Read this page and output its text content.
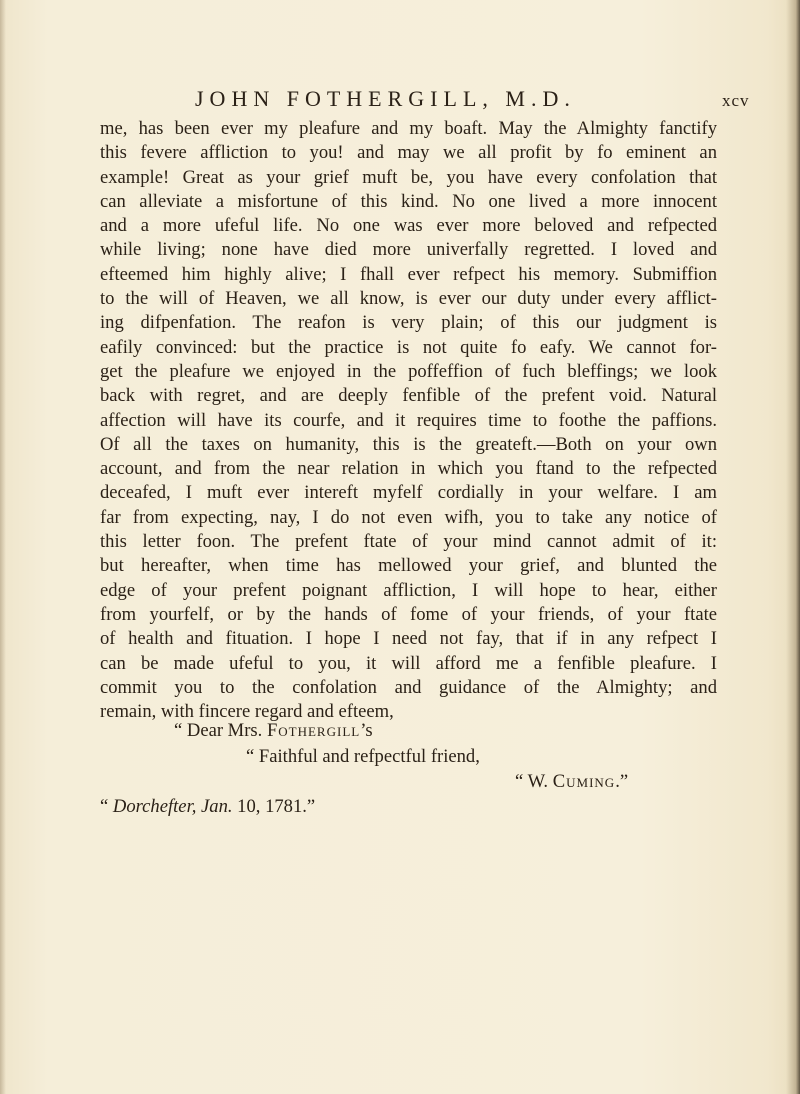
JOHN FOTHERGILL, M.D.	xcv
me, has been ever my pleafure and my boaft. May the Almighty fanctify
this fevere affliction to you! and may we all profit by fo eminent an
example! Great as your grief muft be, you have every confolation that
can alleviate a misfortune of this kind. No one lived a more innocent
and a more ufeful life. No one was ever more beloved and refpected
while living; none have died more univerfally regretted. I loved and
efteemed him highly alive; I fhall ever refpect his memory. Submiffion
to the will of Heaven, we all know, is ever our duty under every afflict-
ing difpenfation. The reafon is very plain; of this our judgment is
eafily convinced: but the practice is not quite fo eafy. We cannot for-
get the pleafure we enjoyed in the poffeffion of fuch bleffings; we look
back with regret, and are deeply fenfible of the prefent void. Natural
affection will have its courfe, and it requires time to foothe the paffions.
Of all the taxes on humanity, this is the greateft.—Both on your own
account, and from the near relation in which you ftand to the refpected
deceafed, I muft ever intereft myfelf cordially in your welfare. I am
far from expecting, nay, I do not even wifh, you to take any notice of
this letter foon. The prefent ftate of your mind cannot admit of it:
but hereafter, when time has mellowed your grief, and blunted the
edge of your prefent poignant affliction, I will hope to hear, either
from yourfelf, or by the hands of fome of your friends, of your ftate
of health and fituation. I hope I need not fay, that if in any refpect I
can be made ufeful to you, it will afford me a fenfible pleafure. I
commit you to the confolation and guidance of the Almighty; and
remain, with fincere regard and efteem,
“ Dear Mrs. Fothergill’s
“ Faithful and refpectful friend,
“ W. Cuming.”
“ Dorchefter, Jan. 10, 1781.”
